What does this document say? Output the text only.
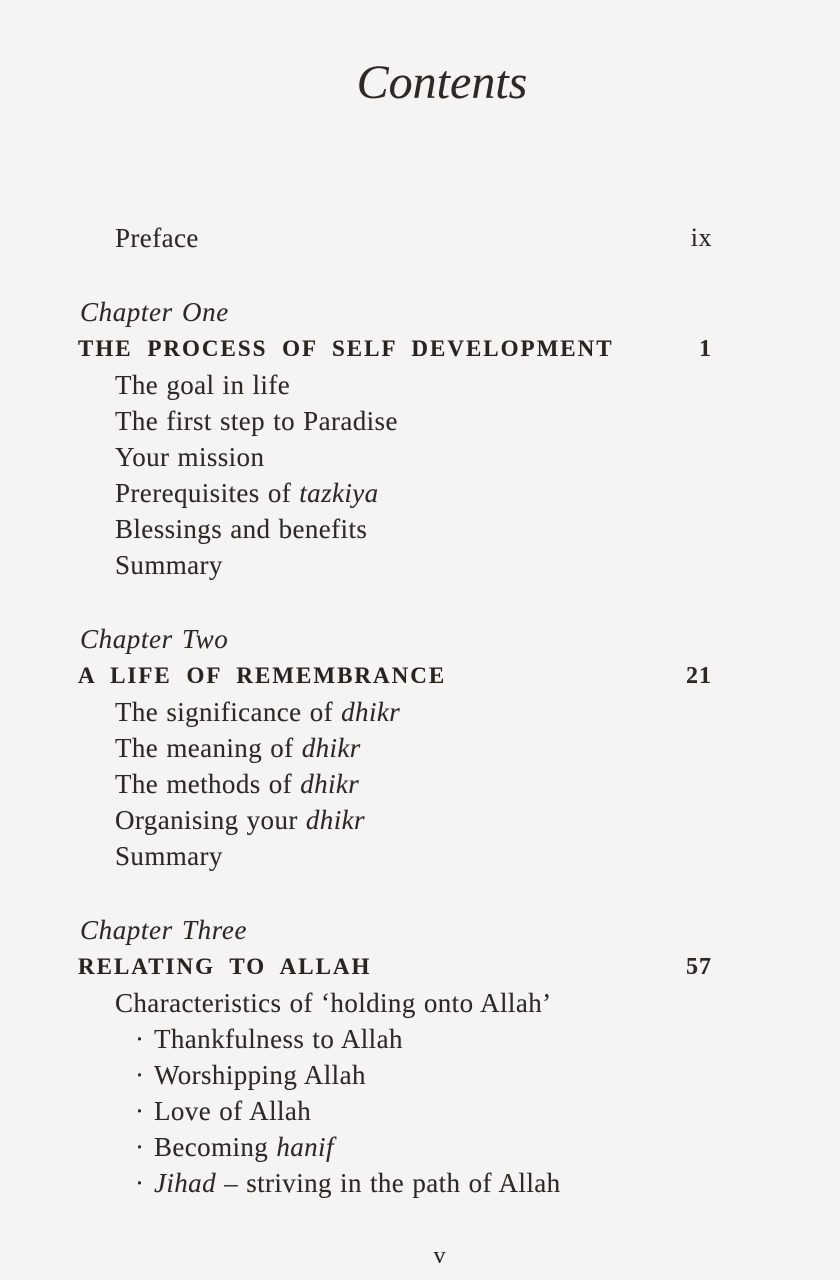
Contents
Preface	ix
Chapter One
THE PROCESS OF SELF DEVELOPMENT	1
The goal in life
The first step to Paradise
Your mission
Prerequisites of tazkiya
Blessings and benefits
Summary
Chapter Two
A LIFE OF REMEMBRANCE	21
The significance of dhikr
The meaning of dhikr
The methods of dhikr
Organising your dhikr
Summary
Chapter Three
RELATING TO ALLAH	57
Characteristics of ‘holding onto Allah’
· Thankfulness to Allah
· Worshipping Allah
· Love of Allah
· Becoming hanif
· Jihad – striving in the path of Allah
v
